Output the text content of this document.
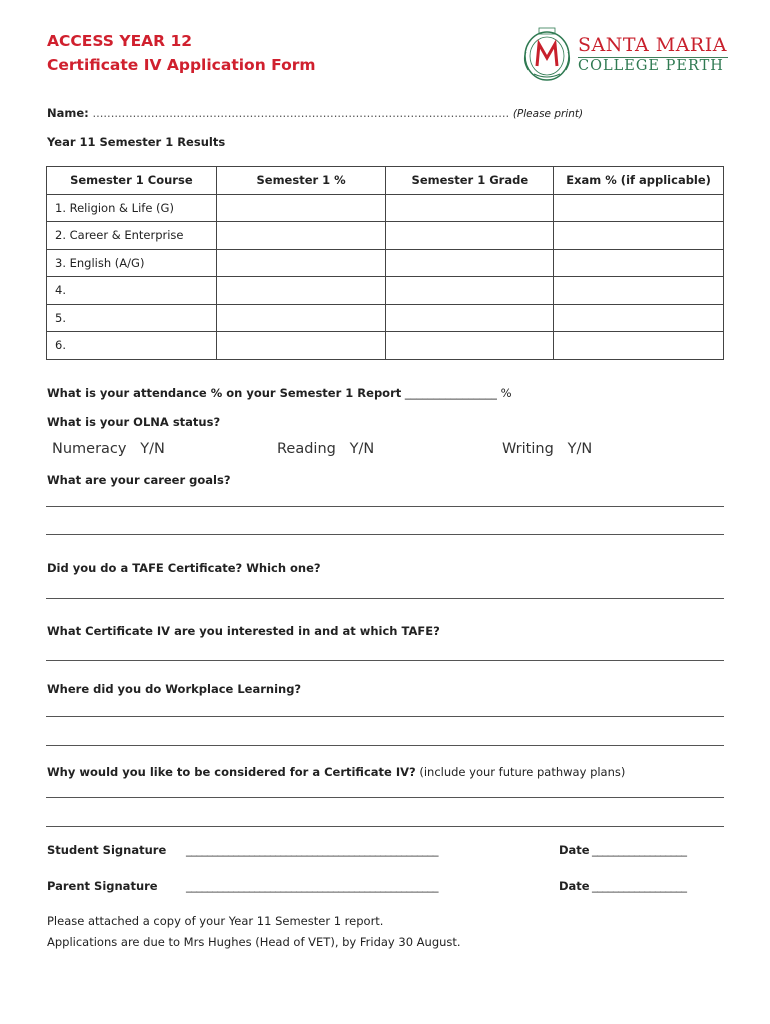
ACCESS YEAR 12
Certificate IV Application Form
SANTA MARIA
COLLEGE PERTH
Name: .................................................................................................................. (Please print)
Year 11 Semester 1 Results
Semester 1 Course	Semester 1 %	Semester 1 Grade	Exam % (if applicable)
1. Religion & Life (G)			
2. Career & Enterprise			
3. English (A/G)			
4.			
5.			
6.			
What is your attendance % on your Semester 1 Report ________________ %
What is your OLNA status?
Numeracy   Y/N	Reading   Y/N	Writing   Y/N
What are your career goals?
Did you do a TAFE Certificate? Which one?
What Certificate IV are you interested in and at which TAFE?
Where did you do Workplace Learning?
Why would you like to be considered for a Certificate IV? (include your future pathway plans)
Student Signature ________________________________________________	Date __________________
Parent Signature ________________________________________________	Date __________________
Please attached a copy of your Year 11 Semester 1 report.
Applications are due to Mrs Hughes (Head of VET), by Friday 30 August.
